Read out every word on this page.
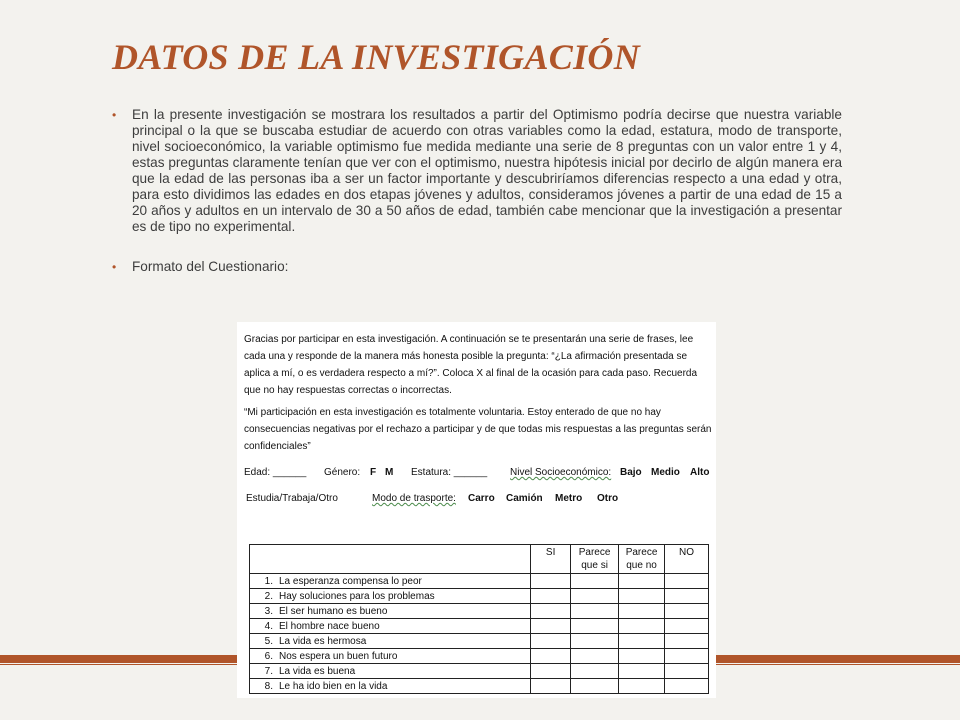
DATOS DE LA INVESTIGACIÓN
• En la presente investigación se mostrara los resultados a partir del Optimismo podría decirse que nuestra variable principal o la que se buscaba estudiar de acuerdo con otras variables como la edad, estatura, modo de transporte, nivel socioeconómico, la variable optimismo fue medida mediante una serie de 8 preguntas con un valor entre 1 y 4, estas preguntas claramente tenían que ver con el optimismo, nuestra hipótesis inicial por decirlo de algún manera era que la edad de las personas iba a ser un factor importante y descubriríamos diferencias respecto a una edad y otra, para esto dividimos las edades en dos etapas jóvenes y adultos, consideramos jóvenes a partir de una edad de 15 a 20 años y adultos en un intervalo de 30 a 50 años de edad, también cabe mencionar que la investigación a presentar es de tipo no experimental.
• Formato del Cuestionario:

Gracias por participar en esta investigación. A continuación se te presentarán una serie de frases, lee cada una y responde de la manera más honesta posible la pregunta: “¿La afirmación presentada se aplica a mí, o es verdadera respecto a mí?”. Coloca X al final de la ocasión para cada paso. Recuerda que no hay respuestas correctas o incorrectas.

“Mi participación en esta investigación es totalmente voluntaria. Estoy enterado de que no hay consecuencias negativas por el rechazo a participar y de que todas mis respuestas a las preguntas serán confidenciales”

Edad: ______ Género: F M Estatura: ______ Nivel Socioeconómico: Bajo Medio Alto
Estudia/Trabaja/Otro	Modo de trasporte: Carro Camión Metro Otro
	SI	Parece que si	Parece que no	NO
1. La esperanza compensa lo peor				
2. Hay soluciones para los problemas				
3. El ser humano es bueno				
4. El hombre nace bueno				
5. La vida es hermosa				
6. Nos espera un buen futuro				
7. La vida es buena				
8. Le ha ido bien en la vida				
